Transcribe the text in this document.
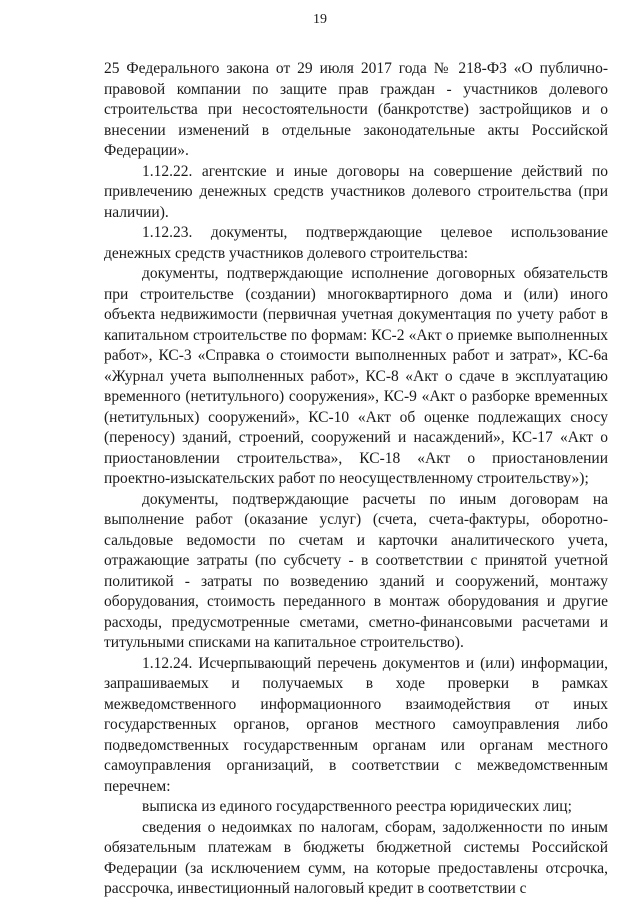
19

25 Федерального закона от 29 июля 2017 года № 218-ФЗ «О публично-правовой компании по защите прав граждан - участников долевого строительства при несостоятельности (банкротстве) застройщиков и о внесении изменений в отдельные законодательные акты Российской Федерации».

1.12.22. агентские и иные договоры на совершение действий по привлечению денежных средств участников долевого строительства (при наличии).

1.12.23. документы, подтверждающие целевое использование денежных средств участников долевого строительства:

документы, подтверждающие исполнение договорных обязательств при строительстве (создании) многоквартирного дома и (или) иного объекта недвижимости (первичная учетная документация по учету работ в капитальном строительстве по формам: КС-2 «Акт о приемке выполненных работ», КС-3 «Справка о стоимости выполненных работ и затрат», КС-6а «Журнал учета выполненных работ», КС-8 «Акт о сдаче в эксплуатацию временного (нетитульного) сооружения», КС-9 «Акт о разборке временных (нетитульных) сооружений», КС-10 «Акт об оценке подлежащих сносу (переносу) зданий, строений, сооружений и насаждений», КС-17 «Акт о приостановлении строительства», КС-18 «Акт о приостановлении проектно-изыскательских работ по неосуществленному строительству»);

документы, подтверждающие расчеты по иным договорам на выполнение работ (оказание услуг) (счета, счета-фактуры, оборотно-сальдовые ведомости по счетам и карточки аналитического учета, отражающие затраты (по субсчету - в соответствии с принятой учетной политикой - затраты по возведению зданий и сооружений, монтажу оборудования, стоимость переданного в монтаж оборудования и другие расходы, предусмотренные сметами, сметно-финансовыми расчетами и титульными списками на капитальное строительство).

1.12.24. Исчерпывающий перечень документов и (или) информации, запрашиваемых и получаемых в ходе проверки в рамках межведомственного информационного взаимодействия от иных государственных органов, органов местного самоуправления либо подведомственных государственным органам или органам местного самоуправления организаций, в соответствии с межведомственным перечнем:

выписка из единого государственного реестра юридических лиц;

сведения о недоимках по налогам, сборам, задолженности по иным обязательным платежам в бюджеты бюджетной системы Российской Федерации (за исключением сумм, на которые предоставлены отсрочка, рассрочка, инвестиционный налоговый кредит в соответствии с
